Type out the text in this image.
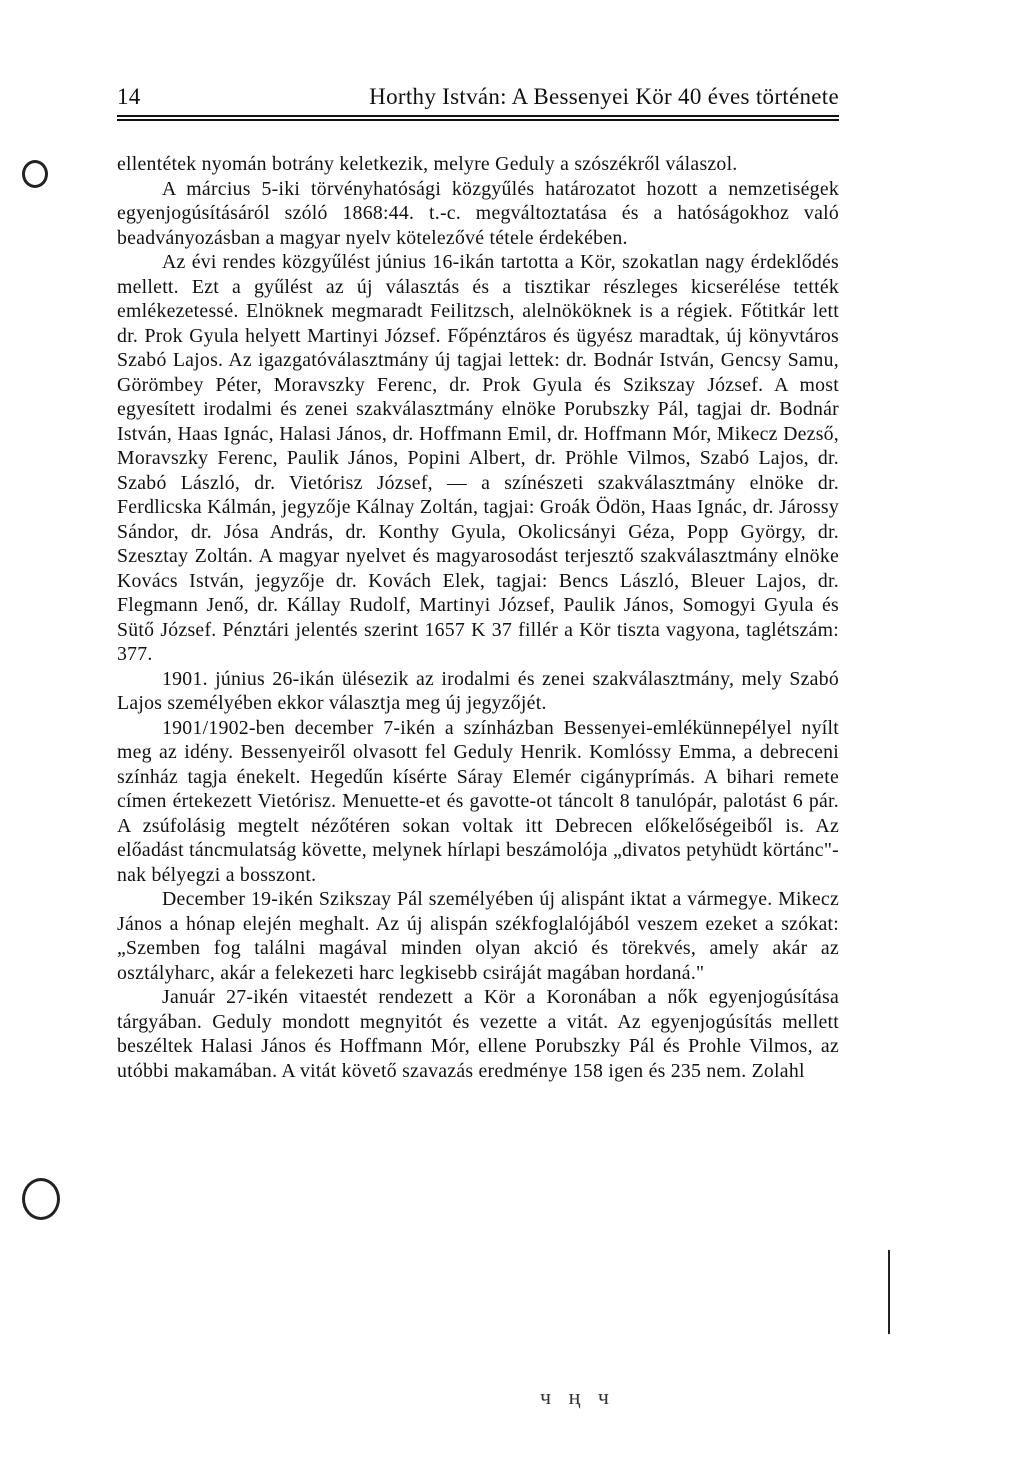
14	Horthy István: A Bessenyei Kör 40 éves története

ellentétek nyomán botrány keletkezik, melyre Geduly a szószékről válaszol.

A március 5-iki törvényhatósági közgyűlés határozatot hozott a nemzetiségek egyenjogúsításáról szóló 1868:44. t.-c. megváltoztatása és a hatóságokhoz való beadványozásban a magyar nyelv kötelezővé tétele érdekében.

Az évi rendes közgyűlést június 16-ikán tartotta a Kör, szokatlan nagy érdeklődés mellett. Ezt a gyűlést az új választás és a tisztikar részleges kicserélése tették emlékezetessé. Elnöknek megmaradt Feilitzsch, alelnököknek is a régiek. Főtitkár lett dr. Prok Gyula helyett Martinyi József. Főpénztáros és ügyész maradtak, új könyvtáros Szabó Lajos. Az igazgatóválasztmány új tagjai lettek: dr. Bodnár István, Gencsy Samu, Görömbey Péter, Moravszky Ferenc, dr. Prok Gyula és Szikszay József. A most egyesített irodalmi és zenei szakválasztmány elnöke Porubszky Pál, tagjai dr. Bodnár István, Haas Ignác, Halasi János, dr. Hoffmann Emil, dr. Hoffmann Mór, Mikecz Dezső, Moravszky Ferenc, Paulik János, Popini Albert, dr. Pröhle Vilmos, Szabó Lajos, dr. Szabó László, dr. Vietórisz József, — a színészeti szakválasztmány elnöke dr. Ferdlicska Kálmán, jegyzője Kálnay Zoltán, tagjai: Groák Ödön, Haas Ignác, dr. Járossy Sándor, dr. Jósa András, dr. Konthy Gyula, Okolicsányi Géza, Popp György, dr. Szesztay Zoltán. A magyar nyelvet és magyarosodást terjesztő szakválasztmány elnöke Kovács István, jegyzője dr. Kovách Elek, tagjai: Bencs László, Bleuer Lajos, dr. Flegmann Jenő, dr. Kállay Rudolf, Martinyi József, Paulik János, Somogyi Gyula és Sütő József. Pénztári jelentés szerint 1657 K 37 fillér a Kör tiszta vagyona, taglétszám: 377.

1901. június 26-ikán ülésezik az irodalmi és zenei szakválasztmány, mely Szabó Lajos személyében ekkor választja meg új jegyzőjét.

1901/1902-ben december 7-ikén a színházban Bessenyei-emlékünnepélyel nyílt meg az idény. Bessenyeiről olvasott fel Geduly Henrik. Komlóssy Emma, a debreceni színház tagja énekelt. Hegedűn kísérte Sáray Elemér cigányprímás. A bihari remete címen értekezett Vietórisz. Menuette-et és gavotte-ot táncolt 8 tanulópár, palotást 6 pár. A zsúfolásig megtelt nézőtéren sokan voltak itt Debrecen előkelőségeiből is. Az előadást táncmulatság követte, melynek hírlapi beszámolója „divatos petyhüdt körtánc"-nak bélyegzi a bosszont.

December 19-ikén Szikszay Pál személyében új alispánt iktat a vármegye. Mikecz János a hónap elején meghalt. Az új alispán székfoglalójából veszem ezeket a szókat: „Szemben fog találni magával minden olyan akció és törekvés, amely akár az osztályharc, akár a felekezeti harc legkisebb csiráját magában hordaná."

Január 27-ikén vitaestét rendezett a Kör a Koronában a nők egyenjogúsítása tárgyában. Geduly mondott megnyitót és vezette a vitát. Az egyenjogúsítás mellett beszéltek Halasi János és Hoffmann Mór, ellene Porubszky Pál és Prohle Vilmos, az utóbbi makamában. A vitát követő szavazás eredménye 158 igen és 235 nem. Zolahl

ч ң ч
